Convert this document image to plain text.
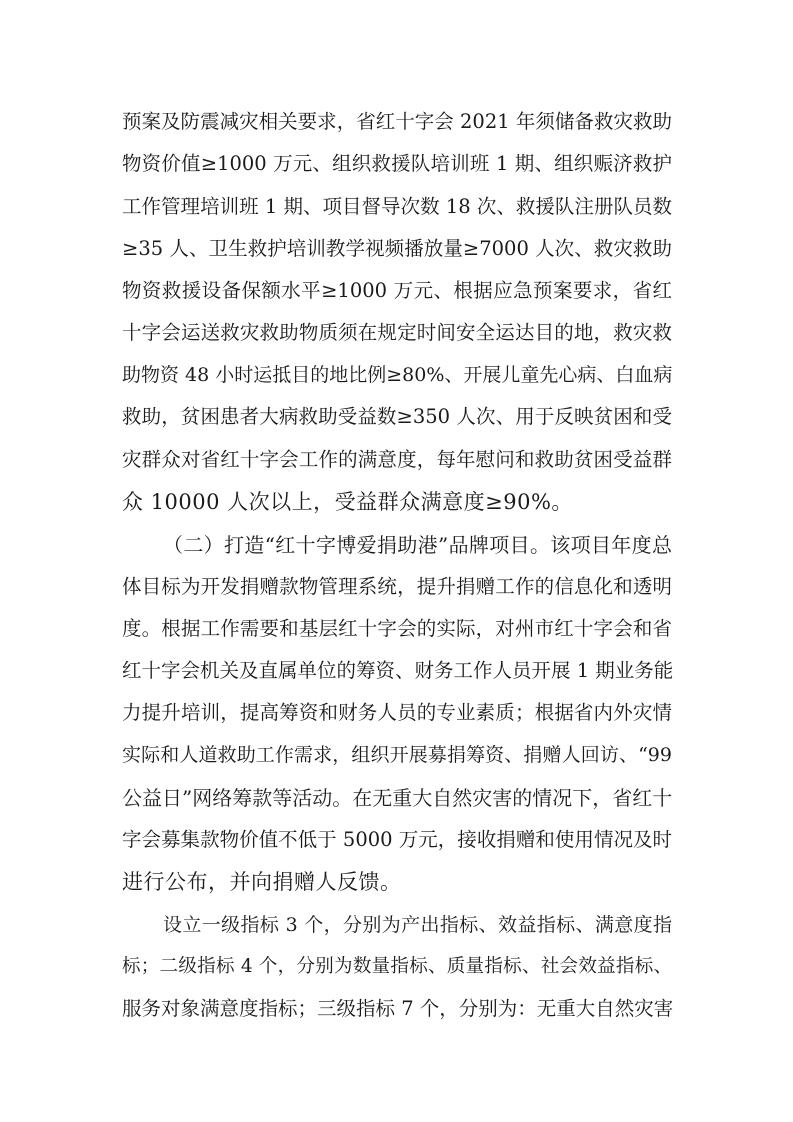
预案及防震减灾相关要求，省红十字会 2021 年须储备救灾救助
物资价值≥1000 万元、组织救援队培训班 1 期、组织赈济救护
工作管理培训班 1 期、项目督导次数 18 次、救援队注册队员数
≥35 人、卫生救护培训教学视频播放量≥7000 人次、救灾救助
物资救援设备保额水平≥1000 万元、根据应急预案要求，省红
十字会运送救灾救助物质须在规定时间安全运达目的地，救灾救
助物资 48 小时运抵目的地比例≥80%、开展儿童先心病、白血病
救助，贫困患者大病救助受益数≥350 人次、用于反映贫困和受
灾群众对省红十字会工作的满意度，每年慰问和救助贫困受益群
众 10000 人次以上，受益群众满意度≥90%。
（二）打造“红十字博爱捐助港”品牌项目。该项目年度总
体目标为开发捐赠款物管理系统，提升捐赠工作的信息化和透明
度。根据工作需要和基层红十字会的实际，对州市红十字会和省
红十字会机关及直属单位的筹资、财务工作人员开展 1 期业务能
力提升培训，提高筹资和财务人员的专业素质；根据省内外灾情
实际和人道救助工作需求，组织开展募捐筹资、捐赠人回访、“99
公益日”网络筹款等活动。在无重大自然灾害的情况下，省红十
字会募集款物价值不低于 5000 万元，接收捐赠和使用情况及时
进行公布，并向捐赠人反馈。
设立一级指标 3 个，分别为产出指标、效益指标、满意度指
标；二级指标 4 个，分别为数量指标、质量指标、社会效益指标、
服务对象满意度指标；三级指标 7 个，分别为：无重大自然灾害
